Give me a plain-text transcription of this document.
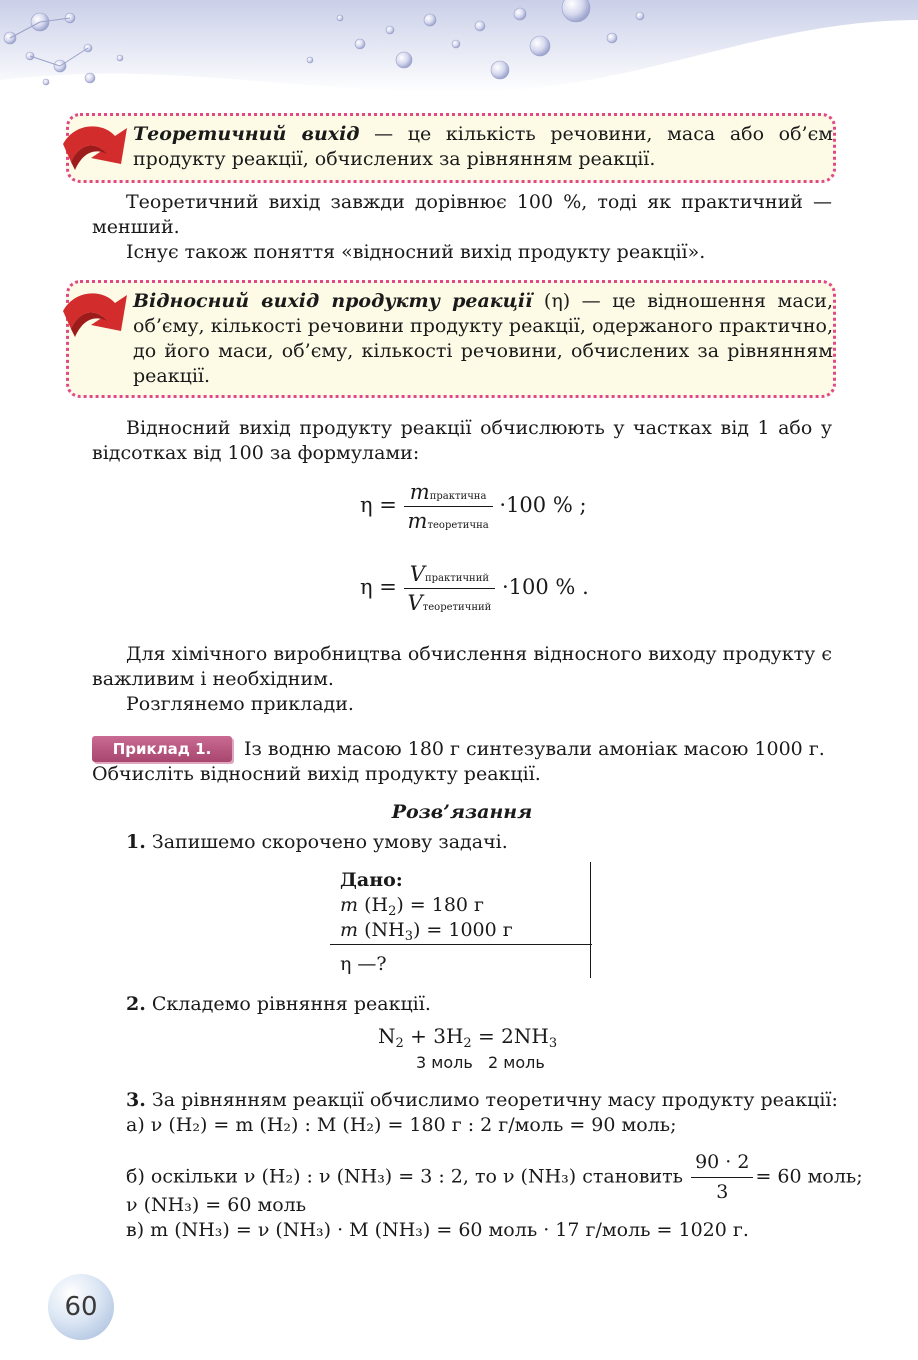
Теоретичний вихід — це кількість речовини, маса або об’єм продукту реакції, обчислених за рівнянням реакції.
Теоретичний вихід завжди дорівнює 100 %, тоді як практичний — менший.
Існує також поняття «відносний вихід продукту реакції».
Відносний вихід продукту реакції (η) — це відношення маси, об’єму, кількості речовини продукту реакції, одержаного практично, до його маси, об’єму, кількості речовини, обчислених за рівнянням реакції.
Відносний вихід продукту реакції обчислюють у частках від 1 або у відсотках від 100 за формулами:
$\eta = \frac{\text{mпрактична}}{\text{mтеоретична}} \cdot 100$ % ;
$\eta = \frac{\text{Vпрактичний}}{\text{Vтеоретичний}} \cdot 100$ % .
Для хімічного виробництва обчислення відносного виходу продукту є важливим і необхідним.
Розглянемо приклади.
Приклад 1.	Із водню масою 180 г синтезували амоніак масою 1000 г.
Обчисліть відносний вихід продукту реакції.
Розв’язання
1. Запишемо скорочено умову задачі.
Дано:
m $(H_2) = 180$ г
m $(NH_3) = 1000$ г
η —?
2. Складемо рівняння реакції.
$N_2 + 3H_2 = 2NH_3$
3 моль   2 моль
3. За рівнянням реакції обчислимо теоретичну масу продукту реакції:
а) ν (H₂) = m (H₂) : M (H₂) = 180 г : 2 г/моль = 90 моль;
б) оскільки ν (H₂) : ν (NH₃) = 3 : 2, то ν (NH₃) становить $\frac{90 \cdot 2}{3} = 60$ моль;
ν (NH₃) = 60 моль
в) m (NH₃) = ν (NH₃) · M (NH₃) = 60 моль · 17 г/моль = 1020 г.
60
